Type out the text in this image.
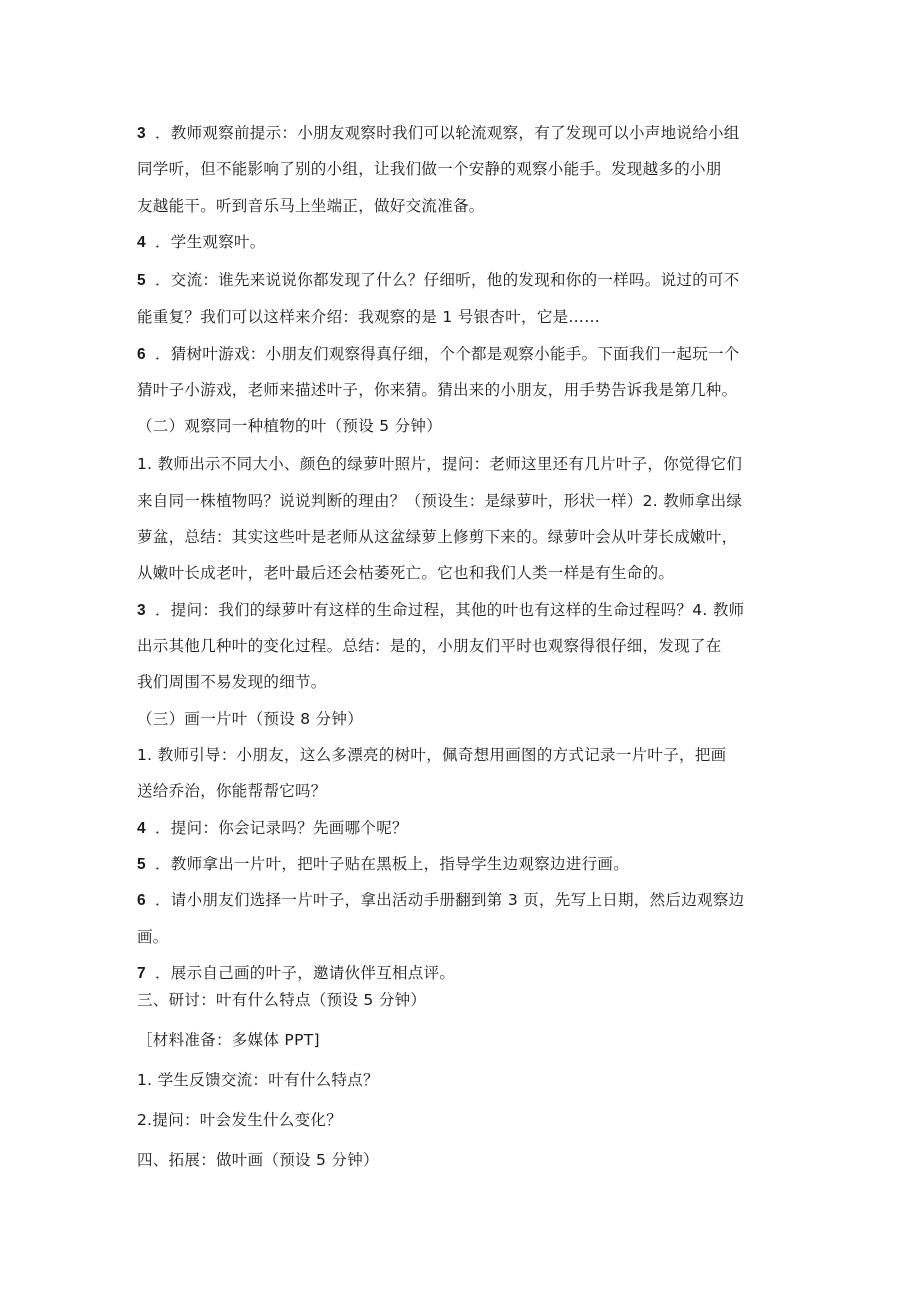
3 ．教师观察前提示：小朋友观察时我们可以轮流观察，有了发现可以小声地说给小组
同学听，但不能影响了别的小组，让我们做一个安静的观察小能手。发现越多的小朋
友越能干。听到音乐马上坐端正，做好交流准备。
4 ．学生观察叶。
5 ．交流：谁先来说说你都发现了什么？仔细听，他的发现和你的一样吗。说过的可不
能重复？我们可以这样来介绍：我观察的是 1 号银杏叶，它是……
6 ．猜树叶游戏：小朋友们观察得真仔细，个个都是观察小能手。下面我们一起玩一个
猜叶子小游戏，老师来描述叶子，你来猜。猜出来的小朋友，用手势告诉我是第几种。
（二）观察同一种植物的叶（预设 5 分钟）
1. 教师出示不同大小、颜色的绿萝叶照片，提问：老师这里还有几片叶子，你觉得它们
来自同一株植物吗？说说判断的理由？（预设生：是绿萝叶，形状一样）2. 教师拿出绿
萝盆，总结：其实这些叶是老师从这盆绿萝上修剪下来的。绿萝叶会从叶芽长成嫩叶，
从嫩叶长成老叶，老叶最后还会枯萎死亡。它也和我们人类一样是有生命的。
3 ．提问：我们的绿萝叶有这样的生命过程，其他的叶也有这样的生命过程吗？4. 教师
出示其他几种叶的变化过程。总结：是的，小朋友们平时也观察得很仔细，发现了在
我们周围不易发现的细节。
（三）画一片叶（预设 8 分钟）
1. 教师引导：小朋友，这么多漂亮的树叶，佩奇想用画图的方式记录一片叶子，把画
送给乔治，你能帮帮它吗？
4 ．提问：你会记录吗？先画哪个呢？
5 ．教师拿出一片叶，把叶子贴在黑板上，指导学生边观察边进行画。
6 ．请小朋友们选择一片叶子，拿出活动手册翻到第 3 页，先写上日期，然后边观察边
画。
7 ．展示自己画的叶子，邀请伙伴互相点评。
三、研讨：叶有什么特点（预设 5 分钟）
［材料准备：多媒体 PPT]
1. 学生反馈交流：叶有什么特点？
2.提问：叶会发生什么变化？
四、拓展：做叶画（预设 5 分钟）
